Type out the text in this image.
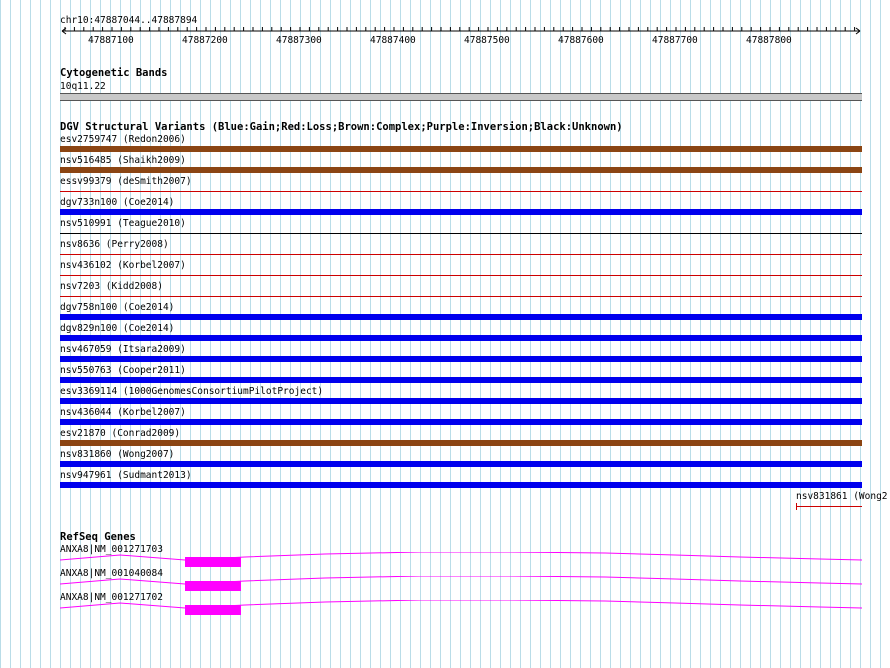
chr10:47887044..47887894
47887100	47887200	47887300	47887400	47887500	47887600	47887700	47887800
Cytogenetic Bands
10q11.22
DGV Structural Variants (Blue:Gain;Red:Loss;Brown:Complex;Purple:Inversion;Black:Unknown)
esv2759747 (Redon2006)
nsv516485 (Shaikh2009)
essv99379 (deSmith2007)
dgv733n100 (Coe2014)
nsv510991 (Teague2010)
nsv8636 (Perry2008)
nsv436102 (Korbel2007)
nsv7203 (Kidd2008)
dgv758n100 (Coe2014)
dgv829n100 (Coe2014)
nsv467059 (Itsara2009)
nsv550763 (Cooper2011)
esv3369114 (1000GenomesConsortiumPilotProject)
nsv436044 (Korbel2007)
esv21870 (Conrad2009)
nsv831860 (Wong2007)
nsv947961 (Sudmant2013)
nsv831861 (Wong2
RefSeq Genes
ANXA8|NM_001271703
ANXA8|NM_001040084
ANXA8|NM_001271702
